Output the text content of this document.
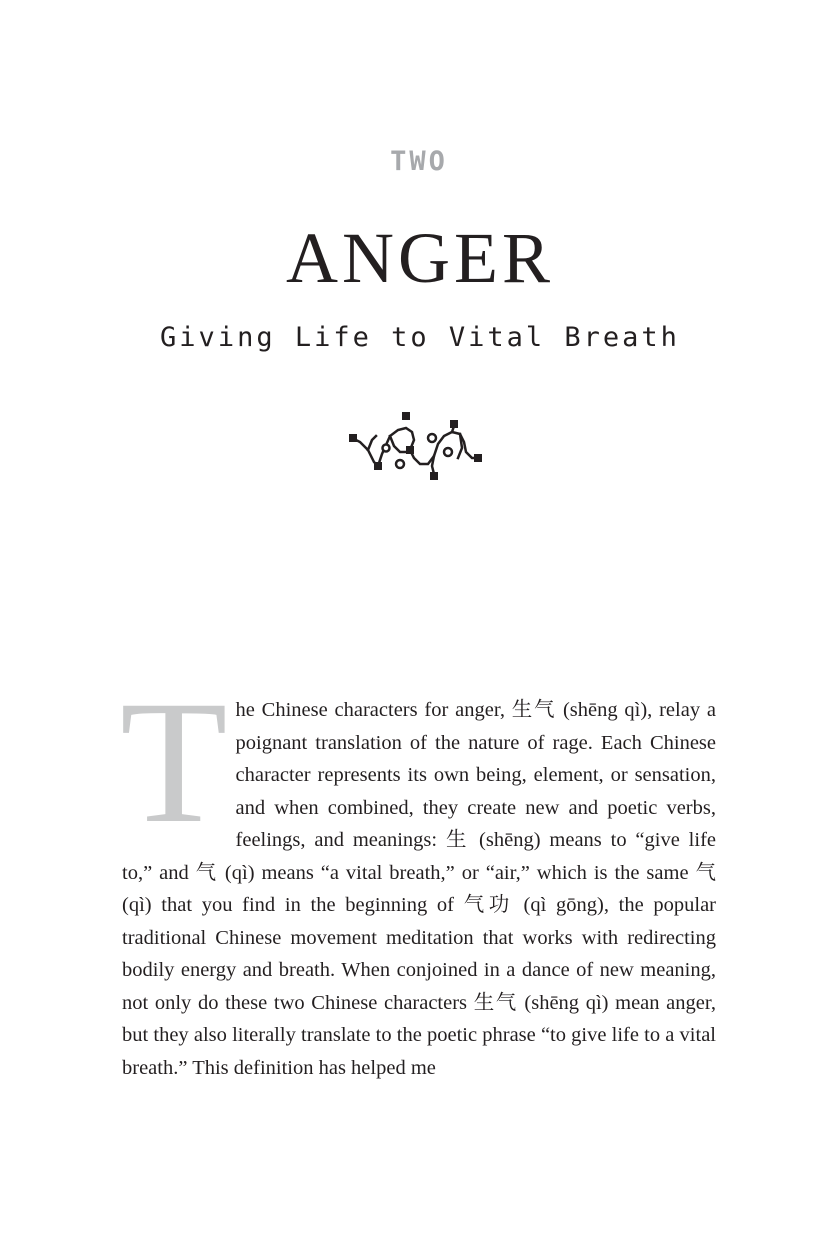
TWO
ANGER
Giving Life to Vital Breath
The Chinese characters for anger, 生气 (shēng qì), relay a poignant translation of the nature of rage. Each Chinese character represents its own being, element, or sensation, and when combined, they create new and poetic verbs, feelings, and meanings: 生 (shēng) means to “give life to,” and 气 (qì) means “a vital breath,” or “air,” which is the same 气 (qì) that you find in the beginning of 气功 (qì gōng), the popular traditional Chinese movement meditation that works with redirecting bodily energy and breath. When conjoined in a dance of new meaning, not only do these two Chinese characters 生气 (shēng qì) mean anger, but they also literally translate to the poetic phrase “to give life to a vital breath.” This definition has helped me
